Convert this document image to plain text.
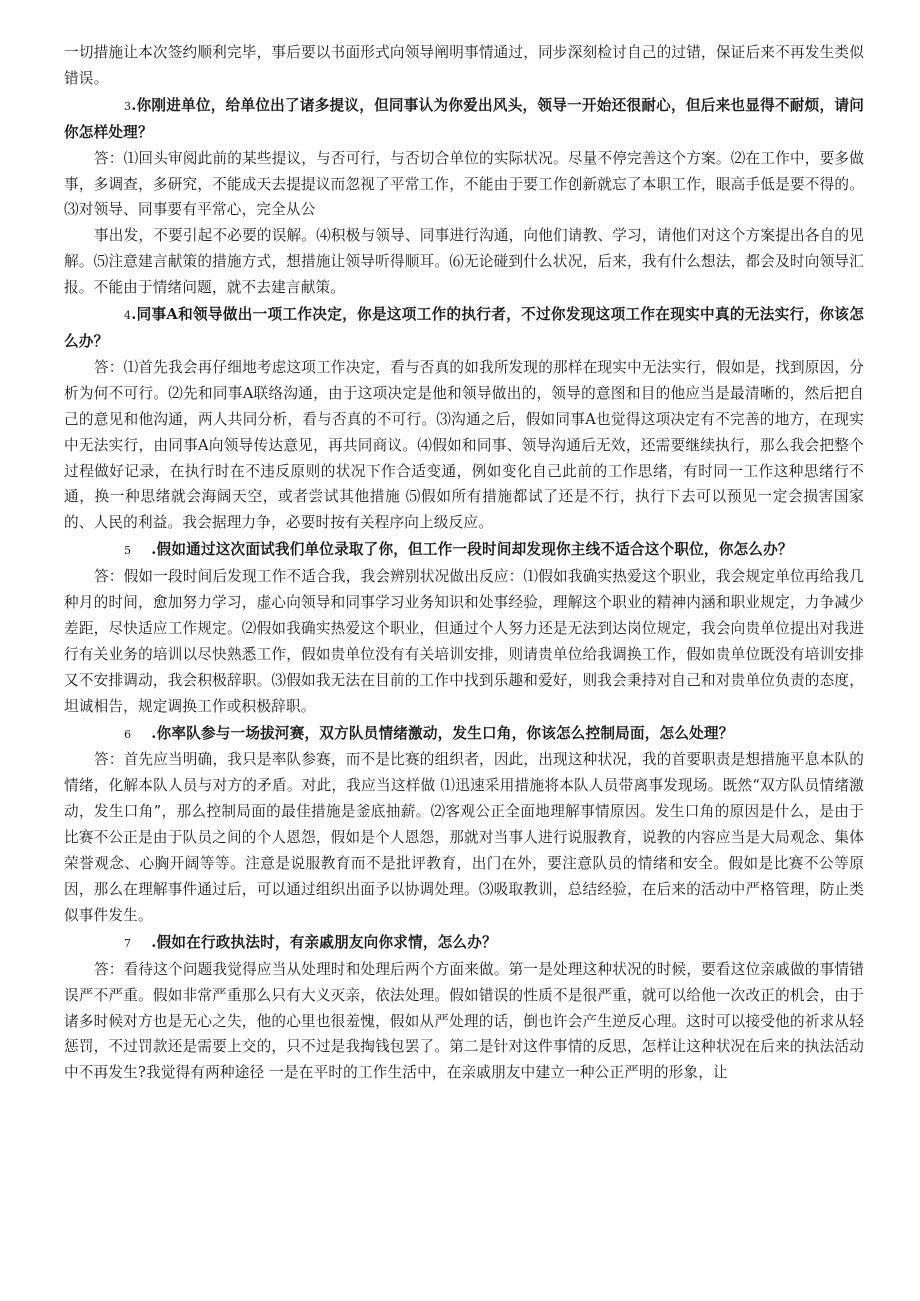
一切措施让本次签约顺利完毕，事后要以书面形式向领导阐明事情通过，同步深刻检讨自己的过错，保证后来不再发生类似错误。

3.你刚进单位，给单位出了诸多提议，但同事认为你爱出风头，领导一开始还很耐心，但后来也显得不耐烦，请问你怎样处理？

答：⑴回头审阅此前的某些提议，与否可行，与否切合单位的实际状况。尽量不停完善这个方案。⑵在工作中，要多做事，多调查，多研究，不能成天去提提议而忽视了平常工作，不能由于要工作创新就忘了本职工作，眼高手低是要不得的。⑶对领导、同事要有平常心，完全从公

事出发，不要引起不必要的误解。⑷积极与领导、同事进行沟通，向他们请教、学习，请他们对这个方案提出各自的见解。⑸注意建言献策的措施方式，想措施让领导听得顺耳。⑹无论碰到什么状况，后来，我有什么想法，都会及时向领导汇报。不能由于情绪问题，就不去建言献策。

4.同事A和领导做出一项工作决定，你是这项工作的执行者，不过你发现这项工作在现实中真的无法实行，你该怎么办？

答：⑴首先我会再仔细地考虑这项工作决定，看与否真的如我所发现的那样在现实中无法实行，假如是，找到原因，分析为何不可行。⑵先和同事A联络沟通，由于这项决定是他和领导做出的，领导的意图和目的他应当是最清晰的，然后把自己的意见和他沟通，两人共同分析，看与否真的不可行。⑶沟通之后，假如同事A也觉得这项决定有不完善的地方，在现实中无法实行，由同事A向领导传达意见，再共同商议。⑷假如和同事、领导沟通后无效，还需要继续执行，那么我会把整个过程做好记录，在执行时在不违反原则的状况下作合适变通，例如变化自己此前的工作思绪，有时同一工作这种思绪行不通，换一种思绪就会海阔天空，或者尝试其他措施 ⑸假如所有措施都试了还是不行，执行下去可以预见一定会损害国家的、人民的利益。我会据理力争，必要时按有关程序向上级反应。

5　 .假如通过这次面试我们单位录取了你，但工作一段时间却发现你主线不适合这个职位，你怎么办？

答：假如一段时间后发现工作不适合我，我会辨别状况做出反应：⑴假如我确实热爱这个职业，我会规定单位再给我几种月的时间，愈加努力学习，虚心向领导和同事学习业务知识和处事经验，理解这个职业的精神内涵和职业规定，力争减少差距，尽快适应工作规定。⑵假如我确实热爱这个职业，但通过个人努力还是无法到达岗位规定，我会向贵单位提出对我进行有关业务的培训以尽快熟悉工作，假如贵单位没有有关培训安排，则请贵单位给我调换工作，假如贵单位既没有培训安排又不安排调动，我会积极辞职。⑶假如我无法在目前的工作中找到乐趣和爱好，则我会秉持对自己和对贵单位负责的态度，坦诚相告，规定调换工作或积极辞职。

6　 .你率队参与一场拔河赛，双方队员情绪激动，发生口角，你该怎么控制局面，怎么处理？

答：首先应当明确，我只是率队参赛，而不是比赛的组织者，因此，出现这种状况，我的首要职责是想措施平息本队的情绪，化解本队人员与对方的矛盾。对此，我应当这样做 ⑴迅速采用措施将本队人员带离事发现场。既然“双方队员情绪激动，发生口角”，那么控制局面的最佳措施是釜底抽薪。⑵客观公正全面地理解事情原因。发生口角的原因是什么，是由于比赛不公正是由于队员之间的个人恩怨，假如是个人恩怨，那就对当事人进行说服教育，说教的内容应当是大局观念、集体荣誉观念、心胸开阔等等。注意是说服教育而不是批评教育，出门在外，要注意队员的情绪和安全。假如是比赛不公等原因，那么在理解事件通过后，可以通过组织出面予以协调处理。⑶吸取教训，总结经验，在后来的活动中严格管理，防止类似事件发生。

7　 .假如在行政执法时，有亲戚朋友向你求情，怎么办？

答：看待这个问题我觉得应当从处理时和处理后两个方面来做。第一是处理这种状况的时候，要看这位亲戚做的事情错误严不严重。假如非常严重那么只有大义灭亲，依法处理。假如错误的性质不是很严重，就可以给他一次改正的机会，由于诸多时候对方也是无心之失，他的心里也很羞愧，假如从严处理的话，倒也许会产生逆反心理。这时可以接受他的祈求从轻惩罚，不过罚款还是需要上交的，只不过是我掏钱包罢了。第二是针对这件事情的反思，怎样让这种状况在后来的执法活动中不再发生?我觉得有两种途径 一是在平时的工作生活中，在亲戚朋友中建立一种公正严明的形象，让
